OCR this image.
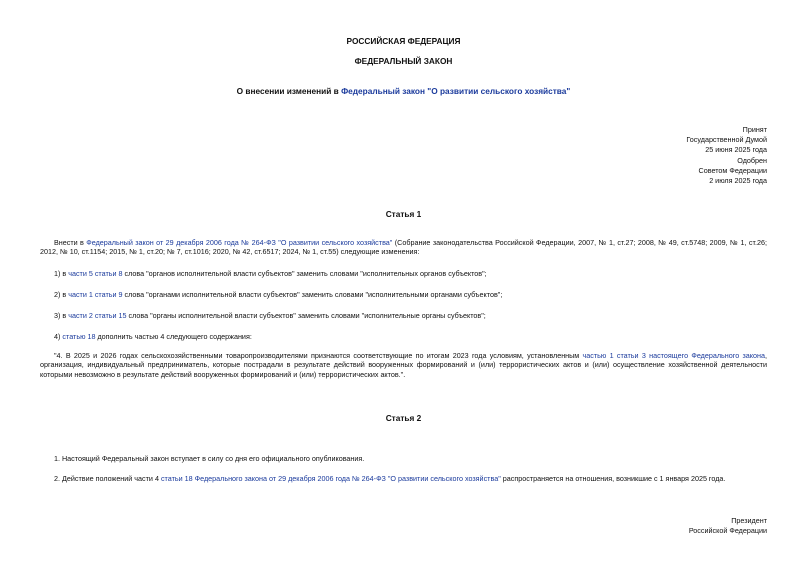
РОССИЙСКАЯ ФЕДЕРАЦИЯ
ФЕДЕРАЛЬНЫЙ ЗАКОН
О внесении изменений в Федеральный закон "О развитии сельского хозяйства"
Принят
Государственной Думой
25 июня 2025 года
Одобрен
Советом Федерации
2 июля 2025 года
Статья 1
Внести в Федеральный закон от 29 декабря 2006 года № 264-ФЗ "О развитии сельского хозяйства" (Собрание законодательства Российской Федерации, 2007, № 1, ст.27; 2008, № 49, ст.5748; 2009, № 1, ст.26; 2012, № 10, ст.1154; 2015, № 1, ст.20; № 7, ст.1016; 2020, № 42, ст.6517; 2024, № 1, ст.55) следующие изменения:
1) в части 5 статьи 8 слова "органов исполнительной власти субъектов" заменить словами "исполнительных органов субъектов";
2) в части 1 статьи 9 слова "органами исполнительной власти субъектов" заменить словами "исполнительными органами субъектов";
3) в части 2 статьи 15 слова "органы исполнительной власти субъектов" заменить словами "исполнительные органы субъектов";
4) статью 18 дополнить частью 4 следующего содержания:
"4. В 2025 и 2026 годах сельскохозяйственными товаропроизводителями признаются соответствующие по итогам 2023 года условиям, установленным частью 1 статьи 3 настоящего Федерального закона, организация, индивидуальный предприниматель, которые пострадали в результате действий вооруженных формирований и (или) террористических актов и (или) осуществление хозяйственной деятельности которыми невозможно в результате действий вооруженных формирований и (или) террористических актов.".
Статья 2
1. Настоящий Федеральный закон вступает в силу со дня его официального опубликования.
2. Действие положений части 4 статьи 18 Федерального закона от 29 декабря 2006 года № 264-ФЗ "О развитии сельского хозяйства" распространяется на отношения, возникшие с 1 января 2025 года.
Президент
Российской Федерации
